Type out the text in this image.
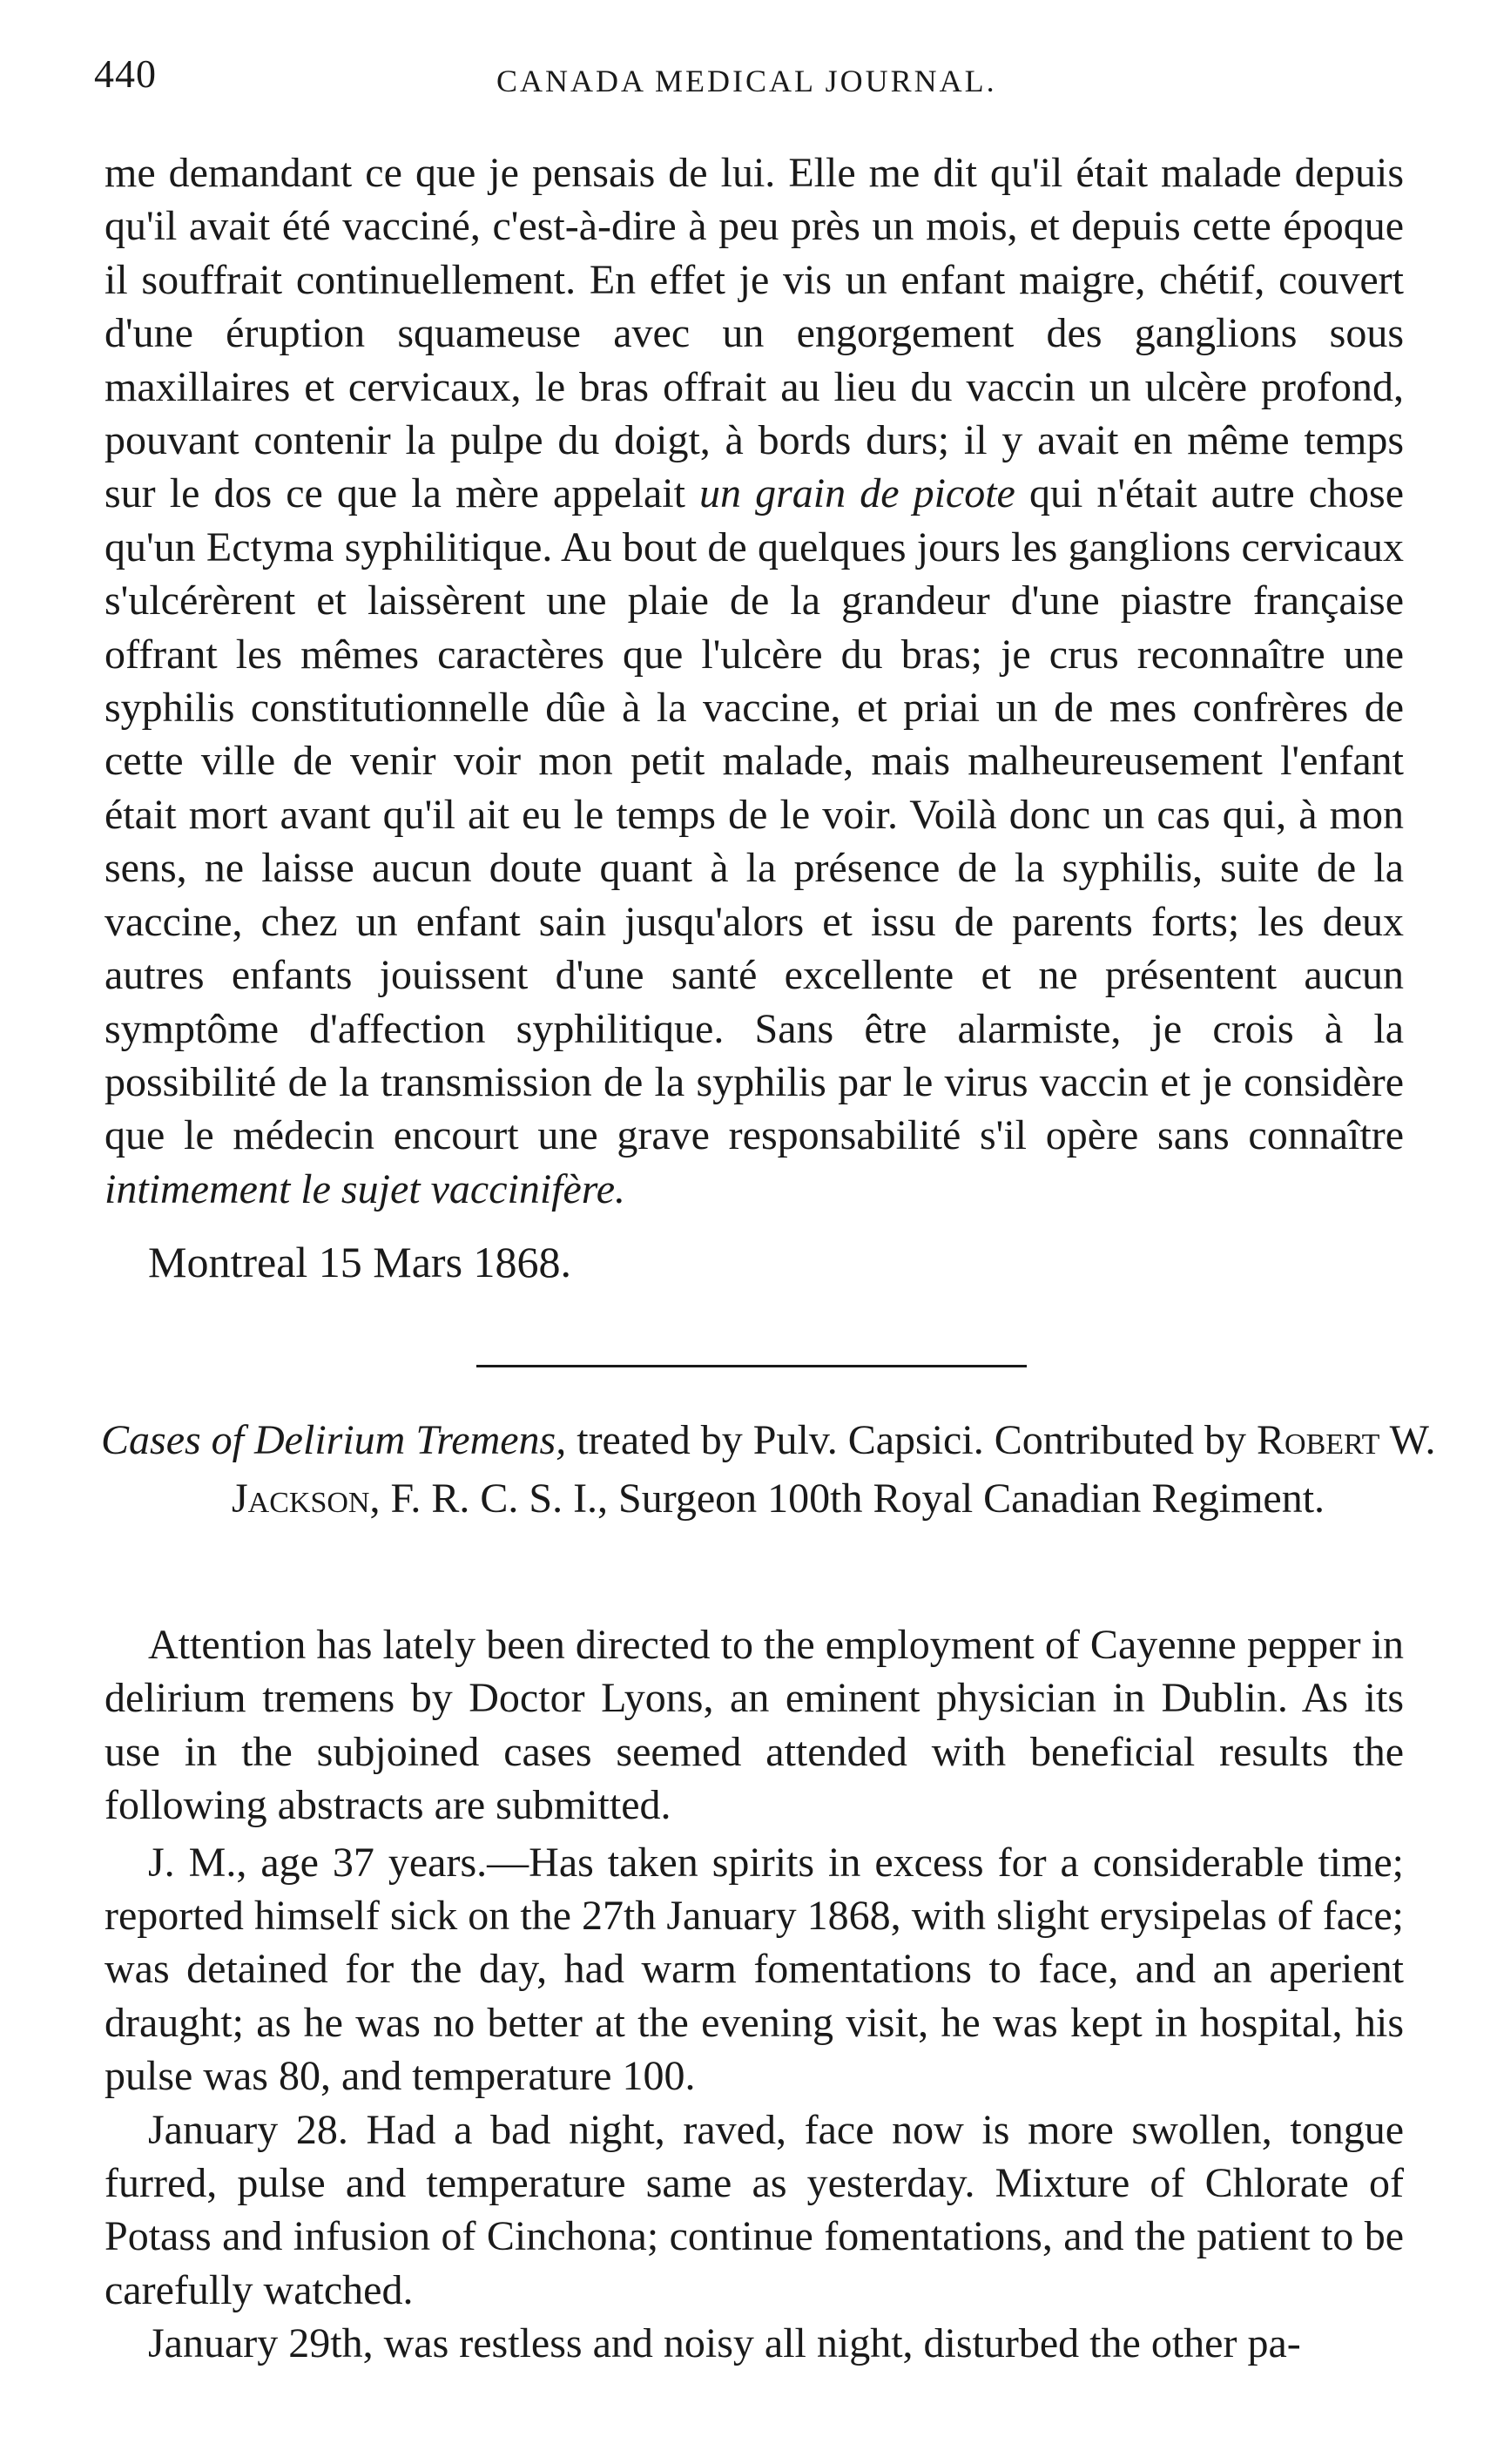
440	CANADA MEDICAL JOURNAL.

me demandant ce que je pensais de lui. Elle me dit qu'il était malade depuis qu'il avait été vacciné, c'est-à-dire à peu près un mois, et depuis cette époque il souffrait continuellement. En effet je vis un enfant maigre, chétif, couvert d'une éruption squameuse avec un engorgement des ganglions sous maxillaires et cervicaux, le bras offrait au lieu du vaccin un ulcère profond, pouvant contenir la pulpe du doigt, à bords durs; il y avait en même temps sur le dos ce que la mère appelait un grain de picote qui n'était autre chose qu'un Ectyma syphilitique. Au bout de quelques jours les ganglions cervicaux s'ulcérèrent et laissèrent une plaie de la grandeur d'une piastre française offrant les mêmes caractères que l'ulcère du bras; je crus reconnaître une syphilis constitutionnelle dûe à la vaccine, et priai un de mes confrères de cette ville de venir voir mon petit malade, mais malheureusement l'enfant était mort avant qu'il ait eu le temps de le voir. Voilà donc un cas qui, à mon sens, ne laisse aucun doute quant à la présence de la syphilis, suite de la vaccine, chez un enfant sain jusqu'alors et issu de parents forts; les deux autres enfants jouissent d'une santé excellente et ne présentent aucun symptôme d'affection syphilitique. Sans être alarmiste, je crois à la possibilité de la transmission de la syphilis par le virus vaccin et je considère que le médecin encourt une grave responsabilité s'il opère sans connaître intimement le sujet vaccinifère.

Montreal 15 Mars 1868.

Cases of Delirium Tremens, treated by Pulv. Capsici. Contributed by Robert W. Jackson, F. R. C. S. I., Surgeon 100th Royal Canadian Regiment.

Attention has lately been directed to the employment of Cayenne pepper in delirium tremens by Doctor Lyons, an eminent physician in Dublin. As its use in the subjoined cases seemed attended with beneficial results the following abstracts are submitted.

J. M., age 37 years.—Has taken spirits in excess for a considerable time; reported himself sick on the 27th January 1868, with slight erysipelas of face; was detained for the day, had warm fomentations to face, and an aperient draught; as he was no better at the evening visit, he was kept in hospital, his pulse was 80, and temperature 100.

January 28. Had a bad night, raved, face now is more swollen, tongue furred, pulse and temperature same as yesterday. Mixture of Chlorate of Potass and infusion of Cinchona; continue fomentations, and the patient to be carefully watched.

January 29th, was restless and noisy all night, disturbed the other pa-
